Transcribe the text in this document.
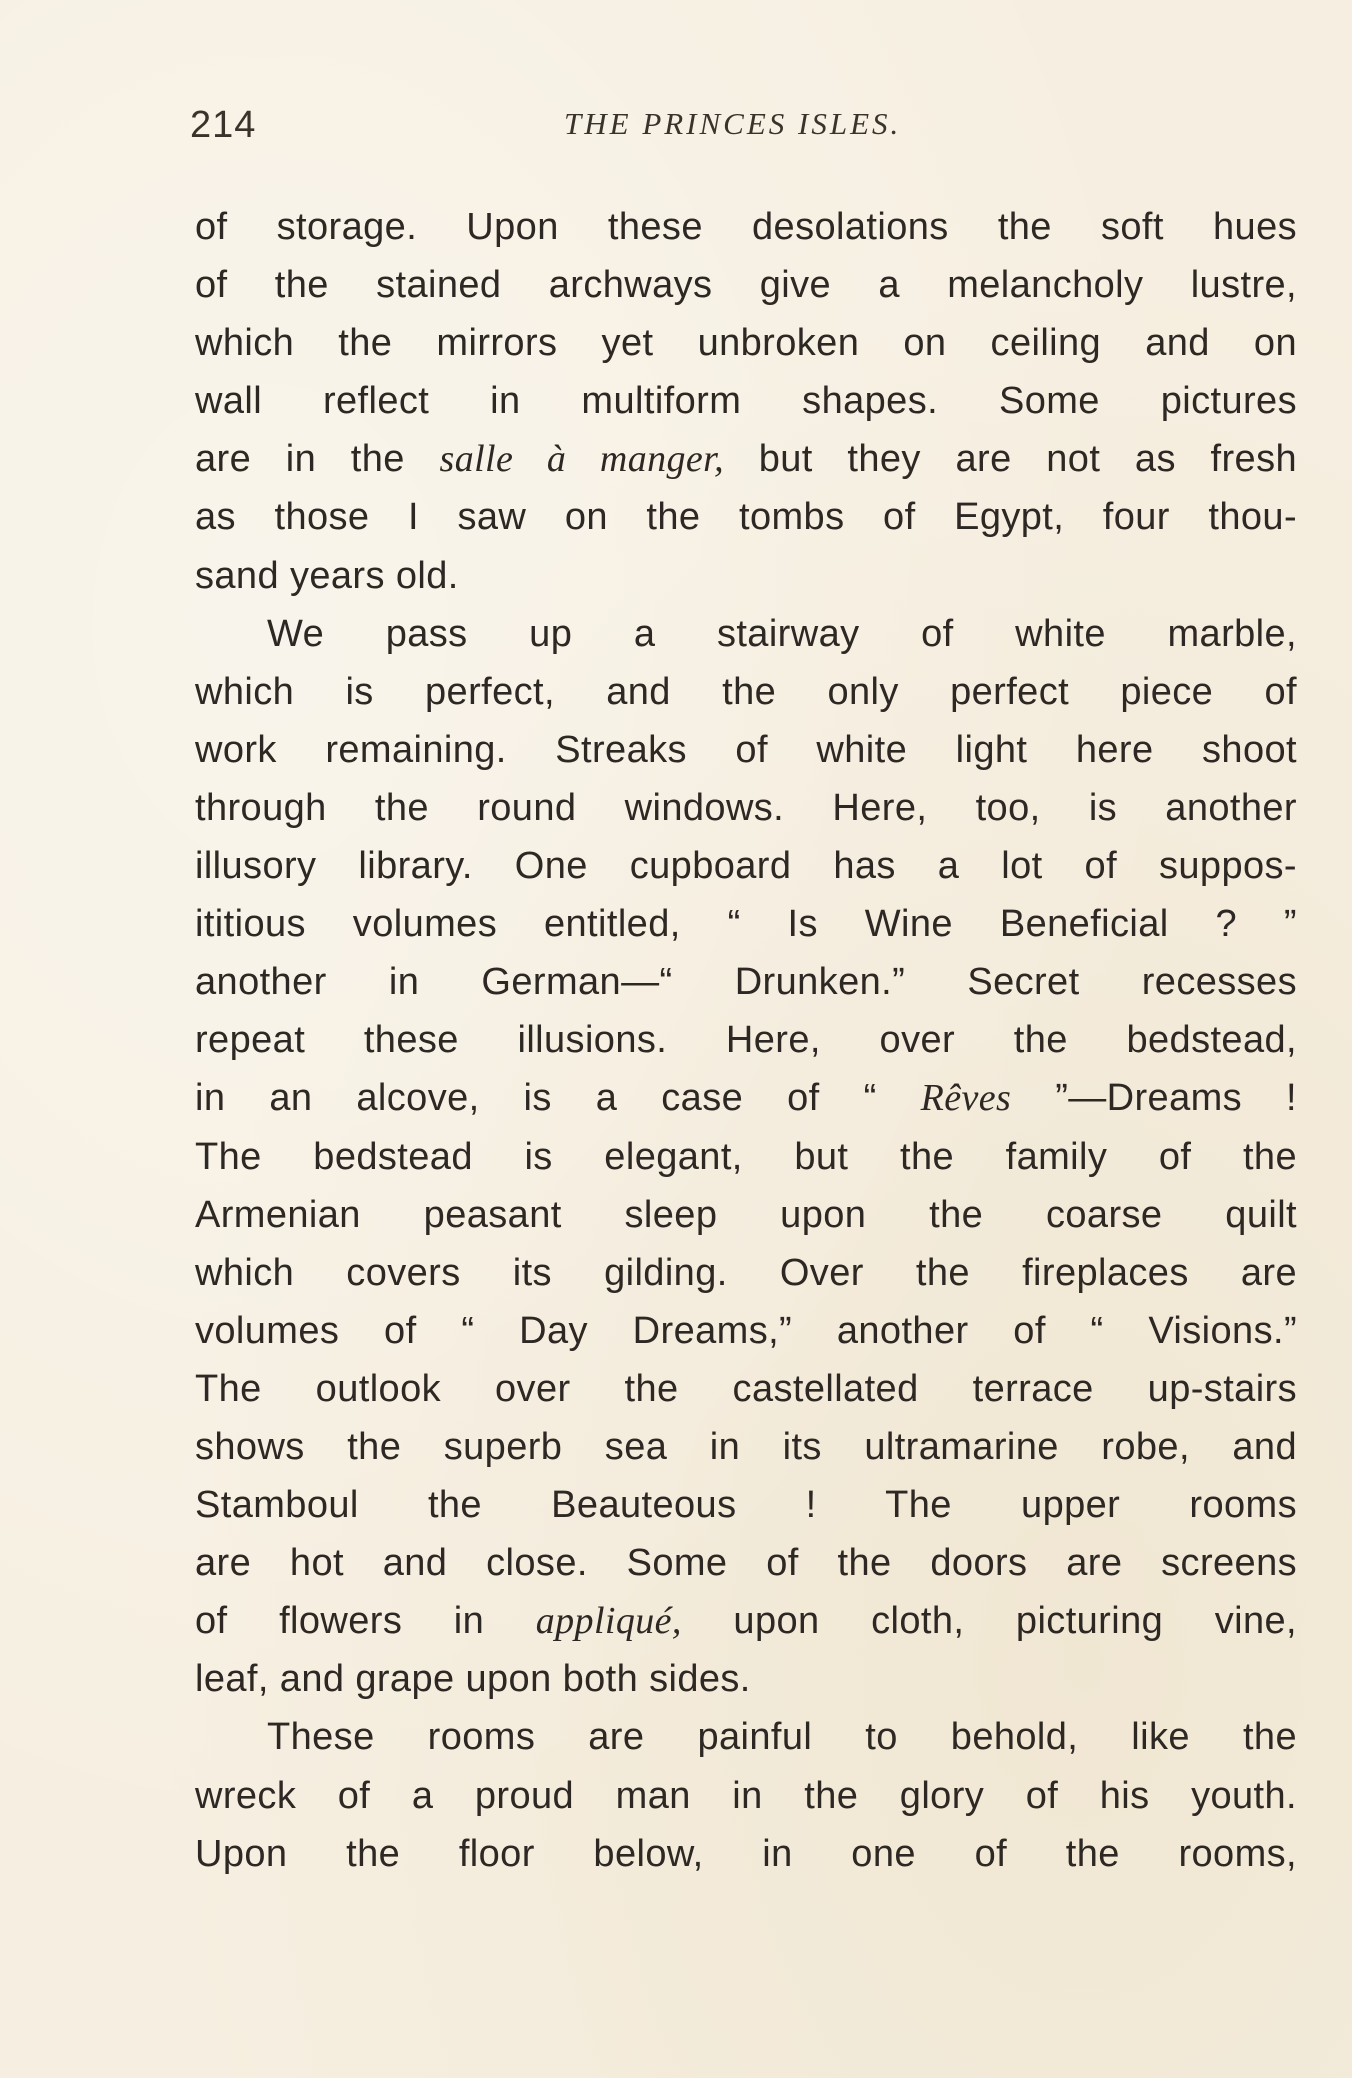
214	THE PRINCES ISLES.
of storage. Upon these desolations the soft hues
of the stained archways give a melancholy lustre,
which the mirrors yet unbroken on ceiling and on
wall reflect in multiform shapes. Some pictures
are in the salle à manger, but they are not as fresh
as those I saw on the tombs of Egypt, four thou-
sand years old.
We pass up a stairway of white marble,
which is perfect, and the only perfect piece of
work remaining. Streaks of white light here shoot
through the round windows. Here, too, is another
illusory library. One cupboard has a lot of suppos-
ititious volumes entitled, “ Is Wine Beneficial ? ”
another in German—“ Drunken.” Secret recesses
repeat these illusions. Here, over the bedstead,
in an alcove, is a case of “ Rêves ”—Dreams !
The bedstead is elegant, but the family of the
Armenian peasant sleep upon the coarse quilt
which covers its gilding. Over the fireplaces are
volumes of “ Day Dreams,” another of “ Visions.”
The outlook over the castellated terrace up-stairs
shows the superb sea in its ultramarine robe, and
Stamboul the Beauteous ! The upper rooms
are hot and close. Some of the doors are screens
of flowers in appliqué, upon cloth, picturing vine,
leaf, and grape upon both sides.
These rooms are painful to behold, like the
wreck of a proud man in the glory of his youth.
Upon the floor below, in one of the rooms,
